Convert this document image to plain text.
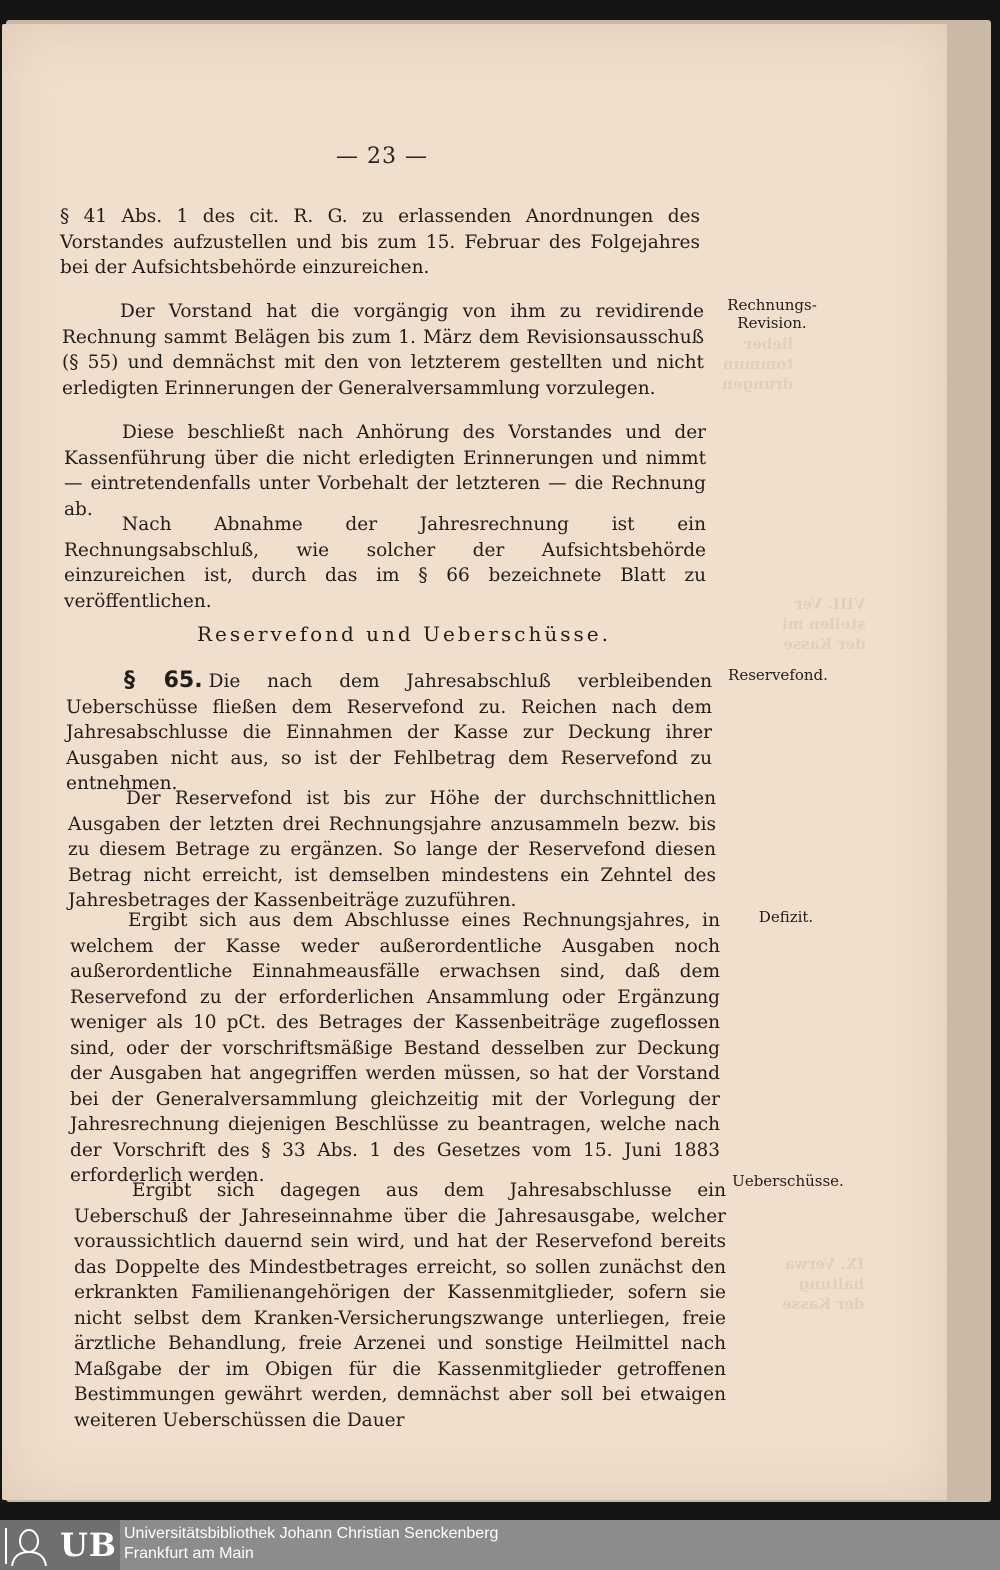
lieber
tommun
drungen
VIII. Ver
stellen mi
der Kasse
IX. Verwa
haltung
der Kasse
— 23 —

§ 41 Abs. 1 des cit. R. G. zu erlassenden Anordnungen des Vorstandes aufzustellen und bis zum 15. Februar des Folgejahres bei der Aufsichtsbehörde einzureichen.

Der Vorstand hat die vorgängig von ihm zu revidirende Rechnung sammt Belägen bis zum 1. März dem Revisionsausschuß (§ 55) und demnächst mit den von letzterem gestellten und nicht erledigten Erinnerungen der Generalversammlung vorzulegen.

Diese beschließt nach Anhörung des Vorstandes und der Kassenführung über die nicht erledigten Erinnerungen und nimmt — eintretendenfalls unter Vorbehalt der letzteren — die Rechnung ab.

Nach Abnahme der Jahresrechnung ist ein Rechnungsabschluß, wie solcher der Aufsichtsbehörde einzureichen ist, durch das im § 66 bezeichnete Blatt zu veröffentlichen.

Reservefond und Ueberschüsse.

§ 65. Die nach dem Jahresabschluß verbleibenden Ueberschüsse fließen dem Reservefond zu. Reichen nach dem Jahresabschlusse die Einnahmen der Kasse zur Deckung ihrer Ausgaben nicht aus, so ist der Fehlbetrag dem Reservefond zu entnehmen.

Der Reservefond ist bis zur Höhe der durchschnittlichen Ausgaben der letzten drei Rechnungsjahre anzusammeln bezw. bis zu diesem Betrage zu ergänzen. So lange der Reservefond diesen Betrag nicht erreicht, ist demselben mindestens ein Zehntel des Jahresbetrages der Kassenbeiträge zuzuführen.

Ergibt sich aus dem Abschlusse eines Rechnungsjahres, in welchem der Kasse weder außerordentliche Ausgaben noch außerordentliche Einnahmeausfälle erwachsen sind, daß dem Reservefond zu der erforderlichen Ansammlung oder Ergänzung weniger als 10 pCt. des Betrages der Kassenbeiträge zugeflossen sind, oder der vorschriftsmäßige Bestand desselben zur Deckung der Ausgaben hat angegriffen werden müssen, so hat der Vorstand bei der Generalversammlung gleichzeitig mit der Vorlegung der Jahresrechnung diejenigen Beschlüsse zu beantragen, welche nach der Vorschrift des § 33 Abs. 1 des Gesetzes vom 15. Juni 1883 erforderlich werden.

Ergibt sich dagegen aus dem Jahresabschlusse ein Ueberschuß der Jahreseinnahme über die Jahresausgabe, welcher voraussichtlich dauernd sein wird, und hat der Reservefond bereits das Doppelte des Mindestbetrages erreicht, so sollen zunächst den erkrankten Familienangehörigen der Kassenmitglieder, sofern sie nicht selbst dem Kranken-Versicherungszwange unterliegen, freie ärztliche Behandlung, freie Arzenei und sonstige Heilmittel nach Maßgabe der im Obigen für die Kassenmitglieder getroffenen Bestimmungen gewährt werden, demnächst aber soll bei etwaigen weiteren Ueberschüssen die Dauer

Rechnungs-Revision.
Reservefond.
Defizit.
Ueberschüsse.
UB Universitätsbibliothek Johann Christian Senckenberg
Frankfurt am Main
